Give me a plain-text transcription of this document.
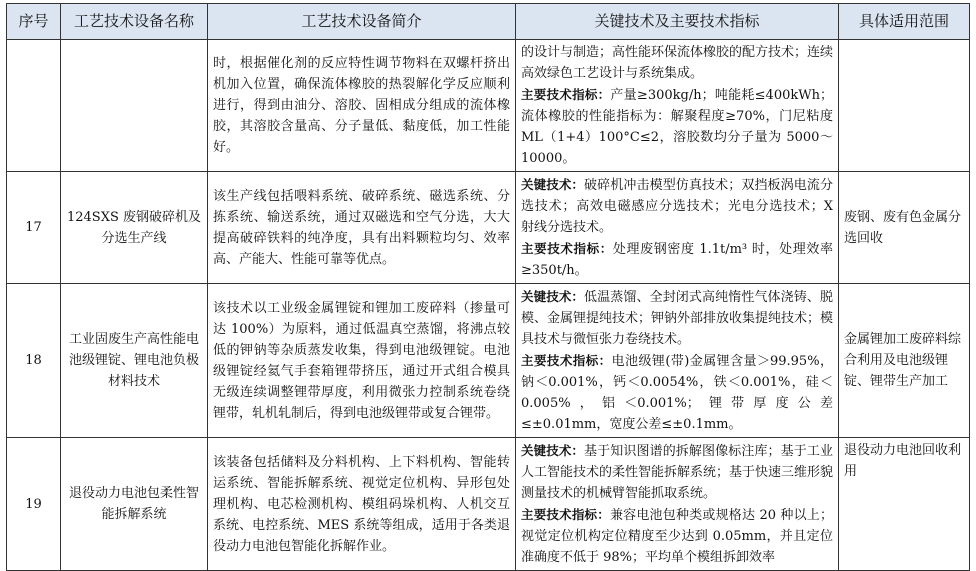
序号	工艺技术设备名称	工艺技术设备简介	关键技术及主要技术指标	具体适用范围
		时，根据催化剂的反应特性调节物料在双螺杆挤出机加入位置，确保流体橡胶的热裂解化学反应顺利进行，得到由油分、溶胶、固相成分组成的流体橡胶，其溶胶含量高、分子量低、黏度低，加工性能好。	的设计与制造；高性能环保流体橡胶的配方技术；连续高效绿色工艺设计与系统集成。

主要技术指标：产量≥300kg/h；吨能耗≤400kWh；流体橡胶的性能指标为：解聚程度≥70%，门尼粘度 ML（1+4）100°C≤2，溶胶数均分子量为 5000～10000。	

17	124SXS 废钢破碎机及分选生产线	该生产线包括喂料系统、破碎系统、磁选系统、分拣系统、输送系统，通过双磁选和空气分选，大大提高破碎铁料的纯净度，具有出料颗粒均匀、效率高、产能大、性能可靠等优点。	关键技术：破碎机冲击模型仿真技术；双挡板涡电流分选技术；高效电磁感应分选技术；光电分选技术；X 射线分选技术。

主要技术指标：处理废钢密度 1.1t/m³ 时，处理效率≥350t/h。	废钢、废有色金属分选回收
18	工业固废生产高性能电池级锂锭、锂电池负极材料技术	该技术以工业级金属锂锭和锂加工废碎料（掺量可达 100%）为原料，通过低温真空蒸馏，将沸点较低的钾钠等杂质蒸发收集，得到电池级锂锭。电池级锂锭经氦气手套箱锂带挤压，通过开式组合模具无级连续调整锂带厚度，利用微张力控制系统卷绕锂带，轧机轧制后，得到电池级锂带或复合锂带。	关键技术：低温蒸馏、全封闭式高纯惰性气体浇铸、脱模、金属锂提纯技术；钾钠外部排放收集提纯技术；模具技术与微恒张力卷绕技术。

主要技术指标：电池级锂(带)金属锂含量＞99.95%，钠＜0.001%，钙＜0.0054%，铁＜0.001%，硅＜0.005%，铝＜0.001%；锂带厚度公差≤±0.01mm，宽度公差≤±0.1mm。	金属锂加工废碎料综合利用及电池级锂锭、锂带生产加工
19	退役动力电池包柔性智能拆解系统	该装备包括储料及分料机构、上下料机构、智能转运系统、智能拆解系统、视觉定位机构、异形包处理机构、电芯检测机构、模组码垛机构、人机交互系统、电控系统、MES 系统等组成，适用于各类退役动力电池包智能化拆解作业。	关键技术：基于知识图谱的拆解图像标注库；基于工业人工智能技术的柔性智能拆解系统；基于快速三维形貌测量技术的机械臂智能抓取系统。

主要技术指标：兼容电池包种类或规格达 20 种以上；视觉定位机构定位精度至少达到 0.05mm，并且定位准确度不低于 98%；平均单个模组拆卸效率	退役动力电池回收利用
